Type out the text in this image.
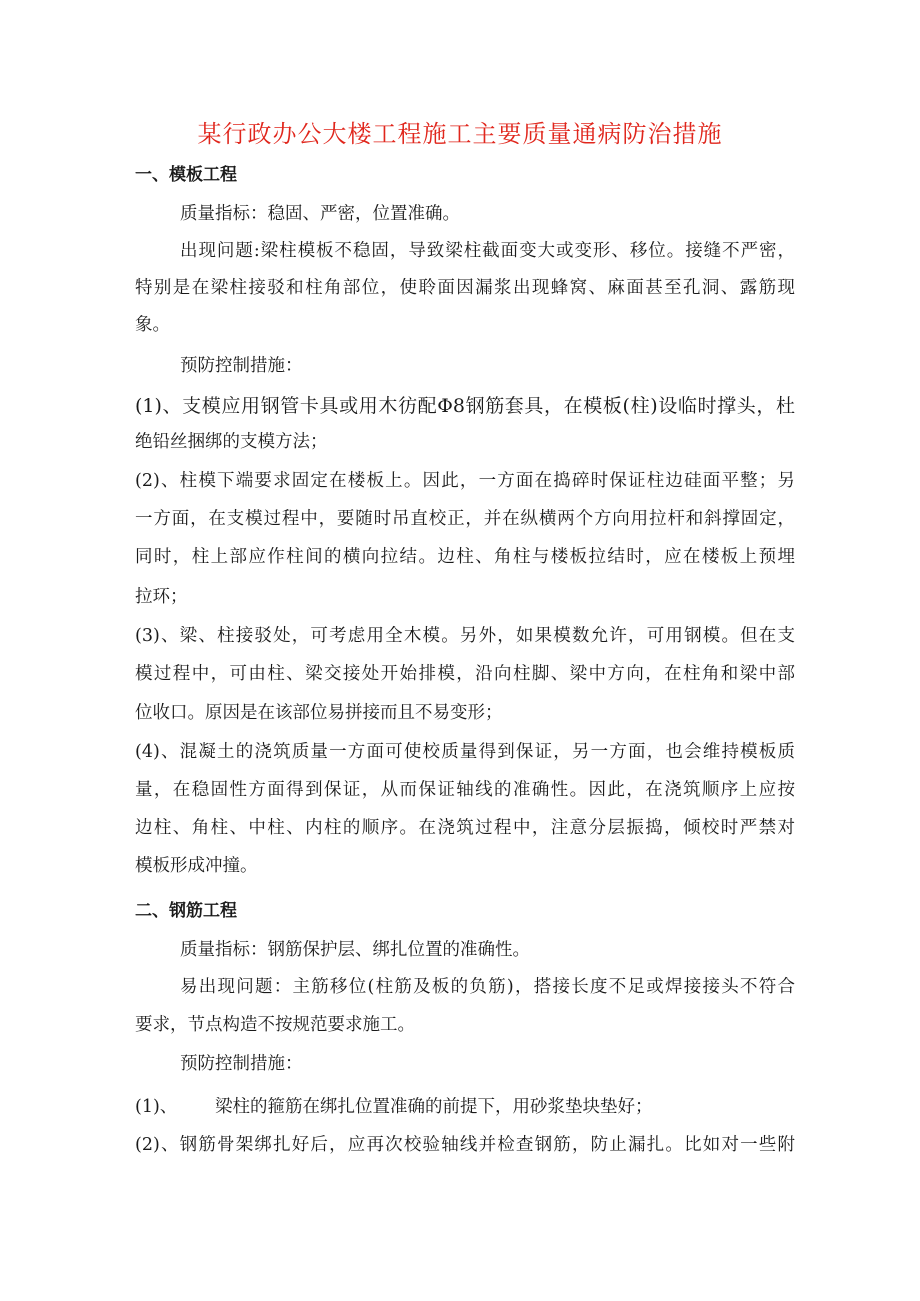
某行政办公大楼工程施工主要质量通病防治措施
一、模板工程
质量指标：稳固、严密，位置准确。
出现问题:梁柱模板不稳固，导致梁柱截面变大或变形、移位。接缝不严密，
特别是在梁柱接驳和柱角部位，使聆面因漏浆出现蜂窝、麻面甚至孔洞、露筋现
象。
预防控制措施：
(1)、支模应用钢管卡具或用木彷配Φ8钢筋套具，在模板(柱)设临时撑头，杜
绝铅丝捆绑的支模方法；
(2)、柱模下端要求固定在楼板上。因此，一方面在捣碎时保证柱边硅面平整；另
一方面，在支模过程中，要随时吊直校正，并在纵横两个方向用拉杆和斜撑固定，
同时，柱上部应作柱间的横向拉结。边柱、角柱与楼板拉结时，应在楼板上预埋
拉环；
(3)、梁、柱接驳处，可考虑用全木模。另外，如果模数允许，可用钢模。但在支
模过程中，可由柱、梁交接处开始排模，沿向柱脚、梁中方向，在柱角和梁中部
位收口。原因是在该部位易拼接而且不易变形；
(4)、混凝土的浇筑质量一方面可使校质量得到保证，另一方面，也会维持模板质
量，在稳固性方面得到保证，从而保证轴线的准确性。因此，在浇筑顺序上应按
边柱、角柱、中柱、内柱的顺序。在浇筑过程中，注意分层振捣，倾校时严禁对
模板形成冲撞。
二、钢筋工程
质量指标：钢筋保护层、绑扎位置的准确性。
易出现问题：主筋移位(柱筋及板的负筋)，搭接长度不足或焊接接头不符合
要求，节点构造不按规范要求施工。
预防控制措施：
(1)、	梁柱的箍筋在绑扎位置准确的前提下，用砂浆垫块垫好；
(2)、钢筋骨架绑扎好后，应再次校验轴线并检查钢筋，防止漏扎。比如对一些附
